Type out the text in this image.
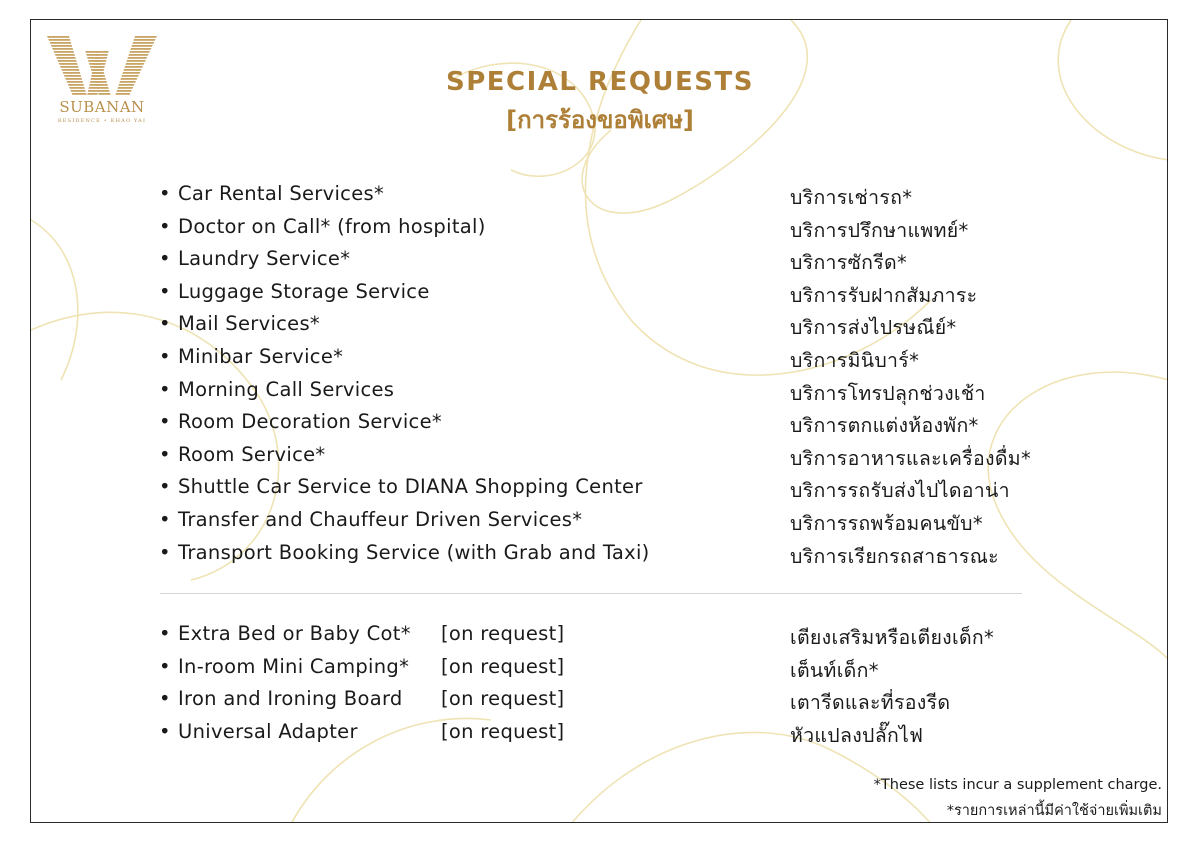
SUBANAN
RESIDENCE • KHAO YAI
SPECIAL REQUESTS
[การร้องขอพิเศษ]
• Car Rental Services*	บริการเช่ารถ*
• Doctor on Call* (from hospital)	บริการปรึกษาแพทย์*
• Laundry Service*	บริการซักรีด*
• Luggage Storage Service	บริการรับฝากสัมภาระ
• Mail Services*	บริการส่งไปรษณีย์*
• Minibar Service*	บริการมินิบาร์*
• Morning Call Services	บริการโทรปลุกช่วงเช้า
• Room Decoration Service*	บริการตกแต่งห้องพัก*
• Room Service*	บริการอาหารและเครื่องดื่ม*
• Shuttle Car Service to DIANA Shopping Center	บริการรถรับส่งไปไดอาน่า
• Transfer and Chauffeur Driven Services*	บริการรถพร้อมคนขับ*
• Transport Booking Service (with Grab and Taxi)	บริการเรียกรถสาธารณะ
• Extra Bed or Baby Cot* [on request]	เตียงเสริมหรือเตียงเด็ก*
• In-room Mini Camping* [on request]	เต็นท์เด็ก*
• Iron and Ironing Board [on request]	เตารีดและที่รองรีด
• Universal Adapter	[on request]	หัวแปลงปลั๊กไฟ
*These lists incur a supplement charge.
*รายการเหล่านี้มีค่าใช้จ่ายเพิ่มเติม
